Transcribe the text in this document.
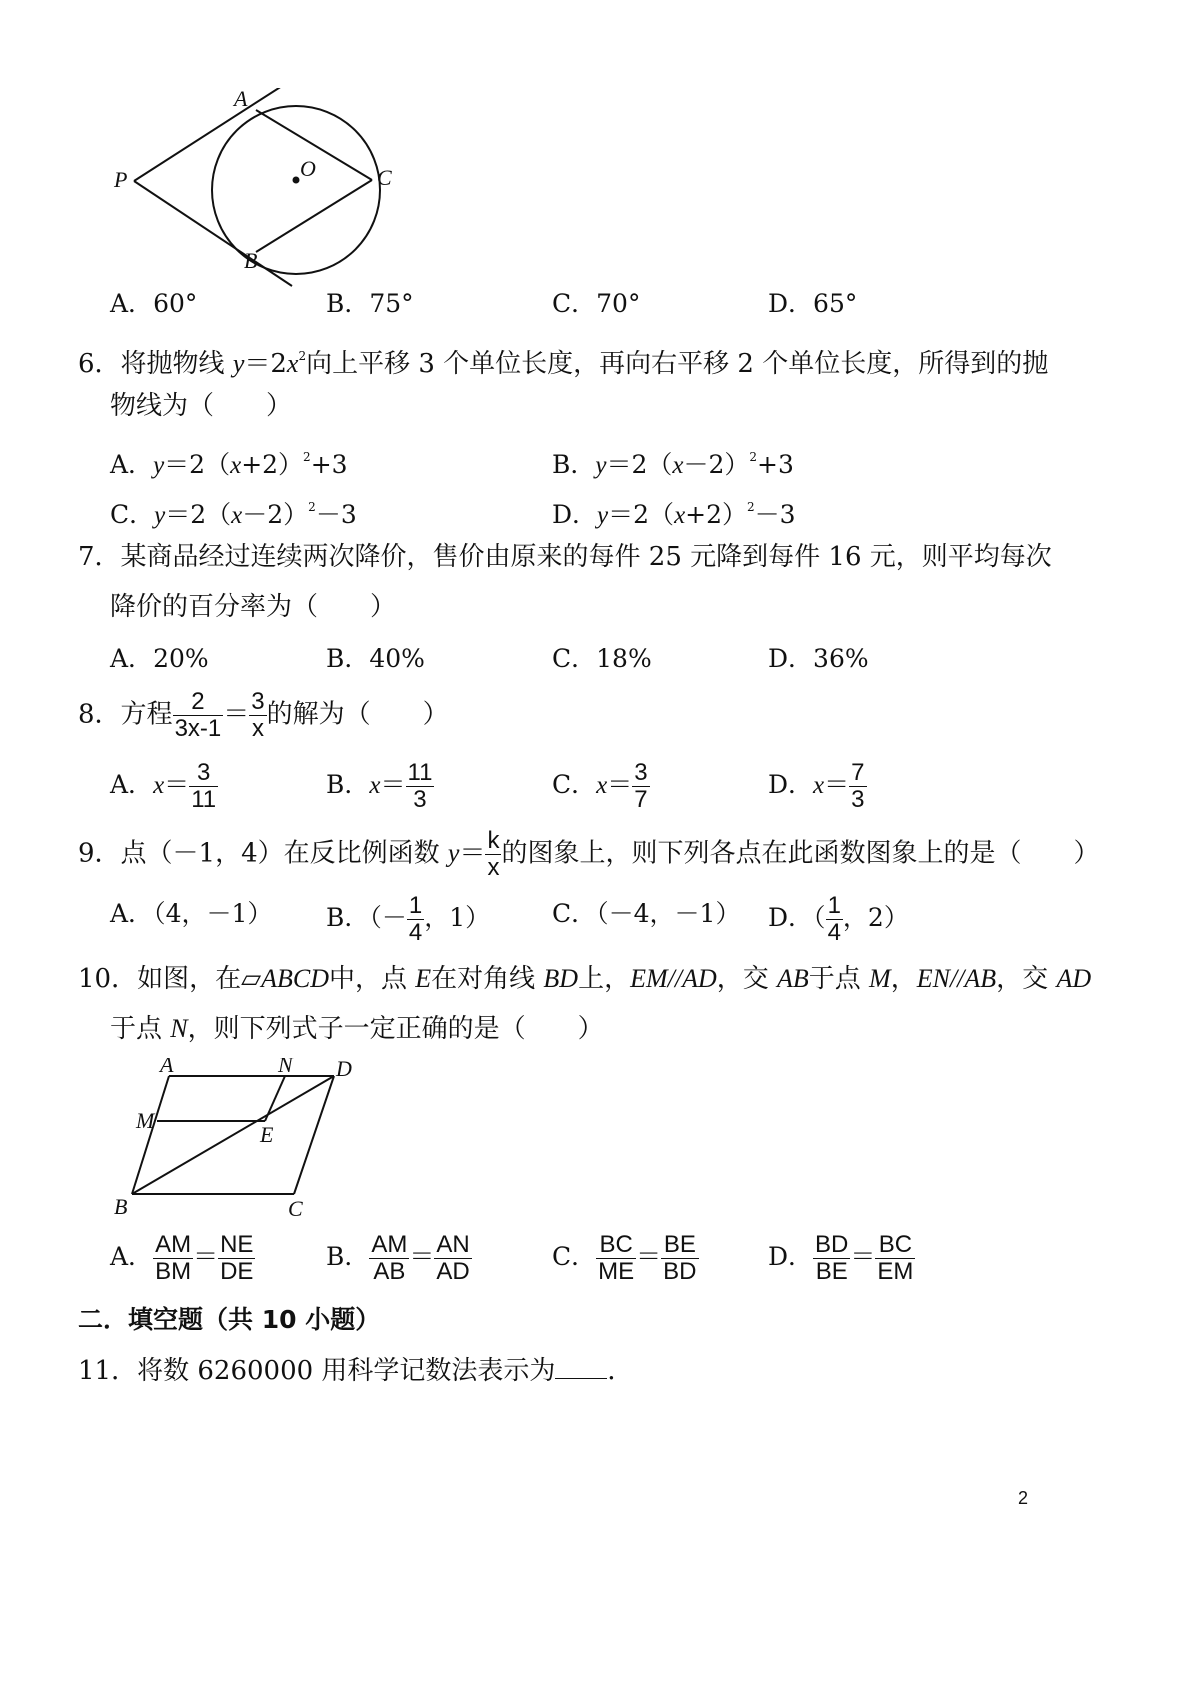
A
O	C
P
B
A．60°	B．75°	C．70°	D．65°
6．将抛物线 $y=2x^2$向上平移 3 个单位长度，再向右平移 2 个单位长度，所得到的抛
物线为（　　）
A．$y=2(x+2)^2+3$	B．$y=2(x-2)^2+3$
C．$y=2(x-2)^2-3$	D．$y=2(x+2)^2-3$
7．某商品经过连续两次降价，售价由原来的每件 25 元降到每件 16 元，则平均每次
降价的百分率为（　　）
A．20%	B．40%	C．18%	D．36%
8．方程 $\frac{2}{3x-1} = \frac{3}{x}$ 的解为（　　）
A．$x= \frac{3}{11}$	B．$x= \frac{11}{3}$	C．$x= \frac{3}{7}$	D．$x= \frac{7}{3}$
9．点（－1，4）在反比例函数 $y= \frac{k}{x}$ 的图象上，则下列各点在此函数图象上的是（　　）
A．（4，－1） B．（－ $\frac{1}{4}$ ，1） C．（－4，－1） D．（ $\frac{1}{4}$ ，2）
10．如图，在▱ABCD中，点 E在对角线 BD上，EM//AD，交 AB于点 M，EN//AB，交 AD
于点 N，则下列式子一定正确的是（　　）
A	N D
M
E
B	C
A． $\frac{AM}{BM} = \frac{NE}{DE}$	B． $\frac{AM}{AB} = \frac{AN}{AD}$	C． $\frac{BC}{ME} = \frac{BE}{BD}$	D． $\frac{BD}{BE} = \frac{BC}{EM}$
二．填空题（共 10 小题）
11．将数 6260000 用科学记数法表示为 ．
2
